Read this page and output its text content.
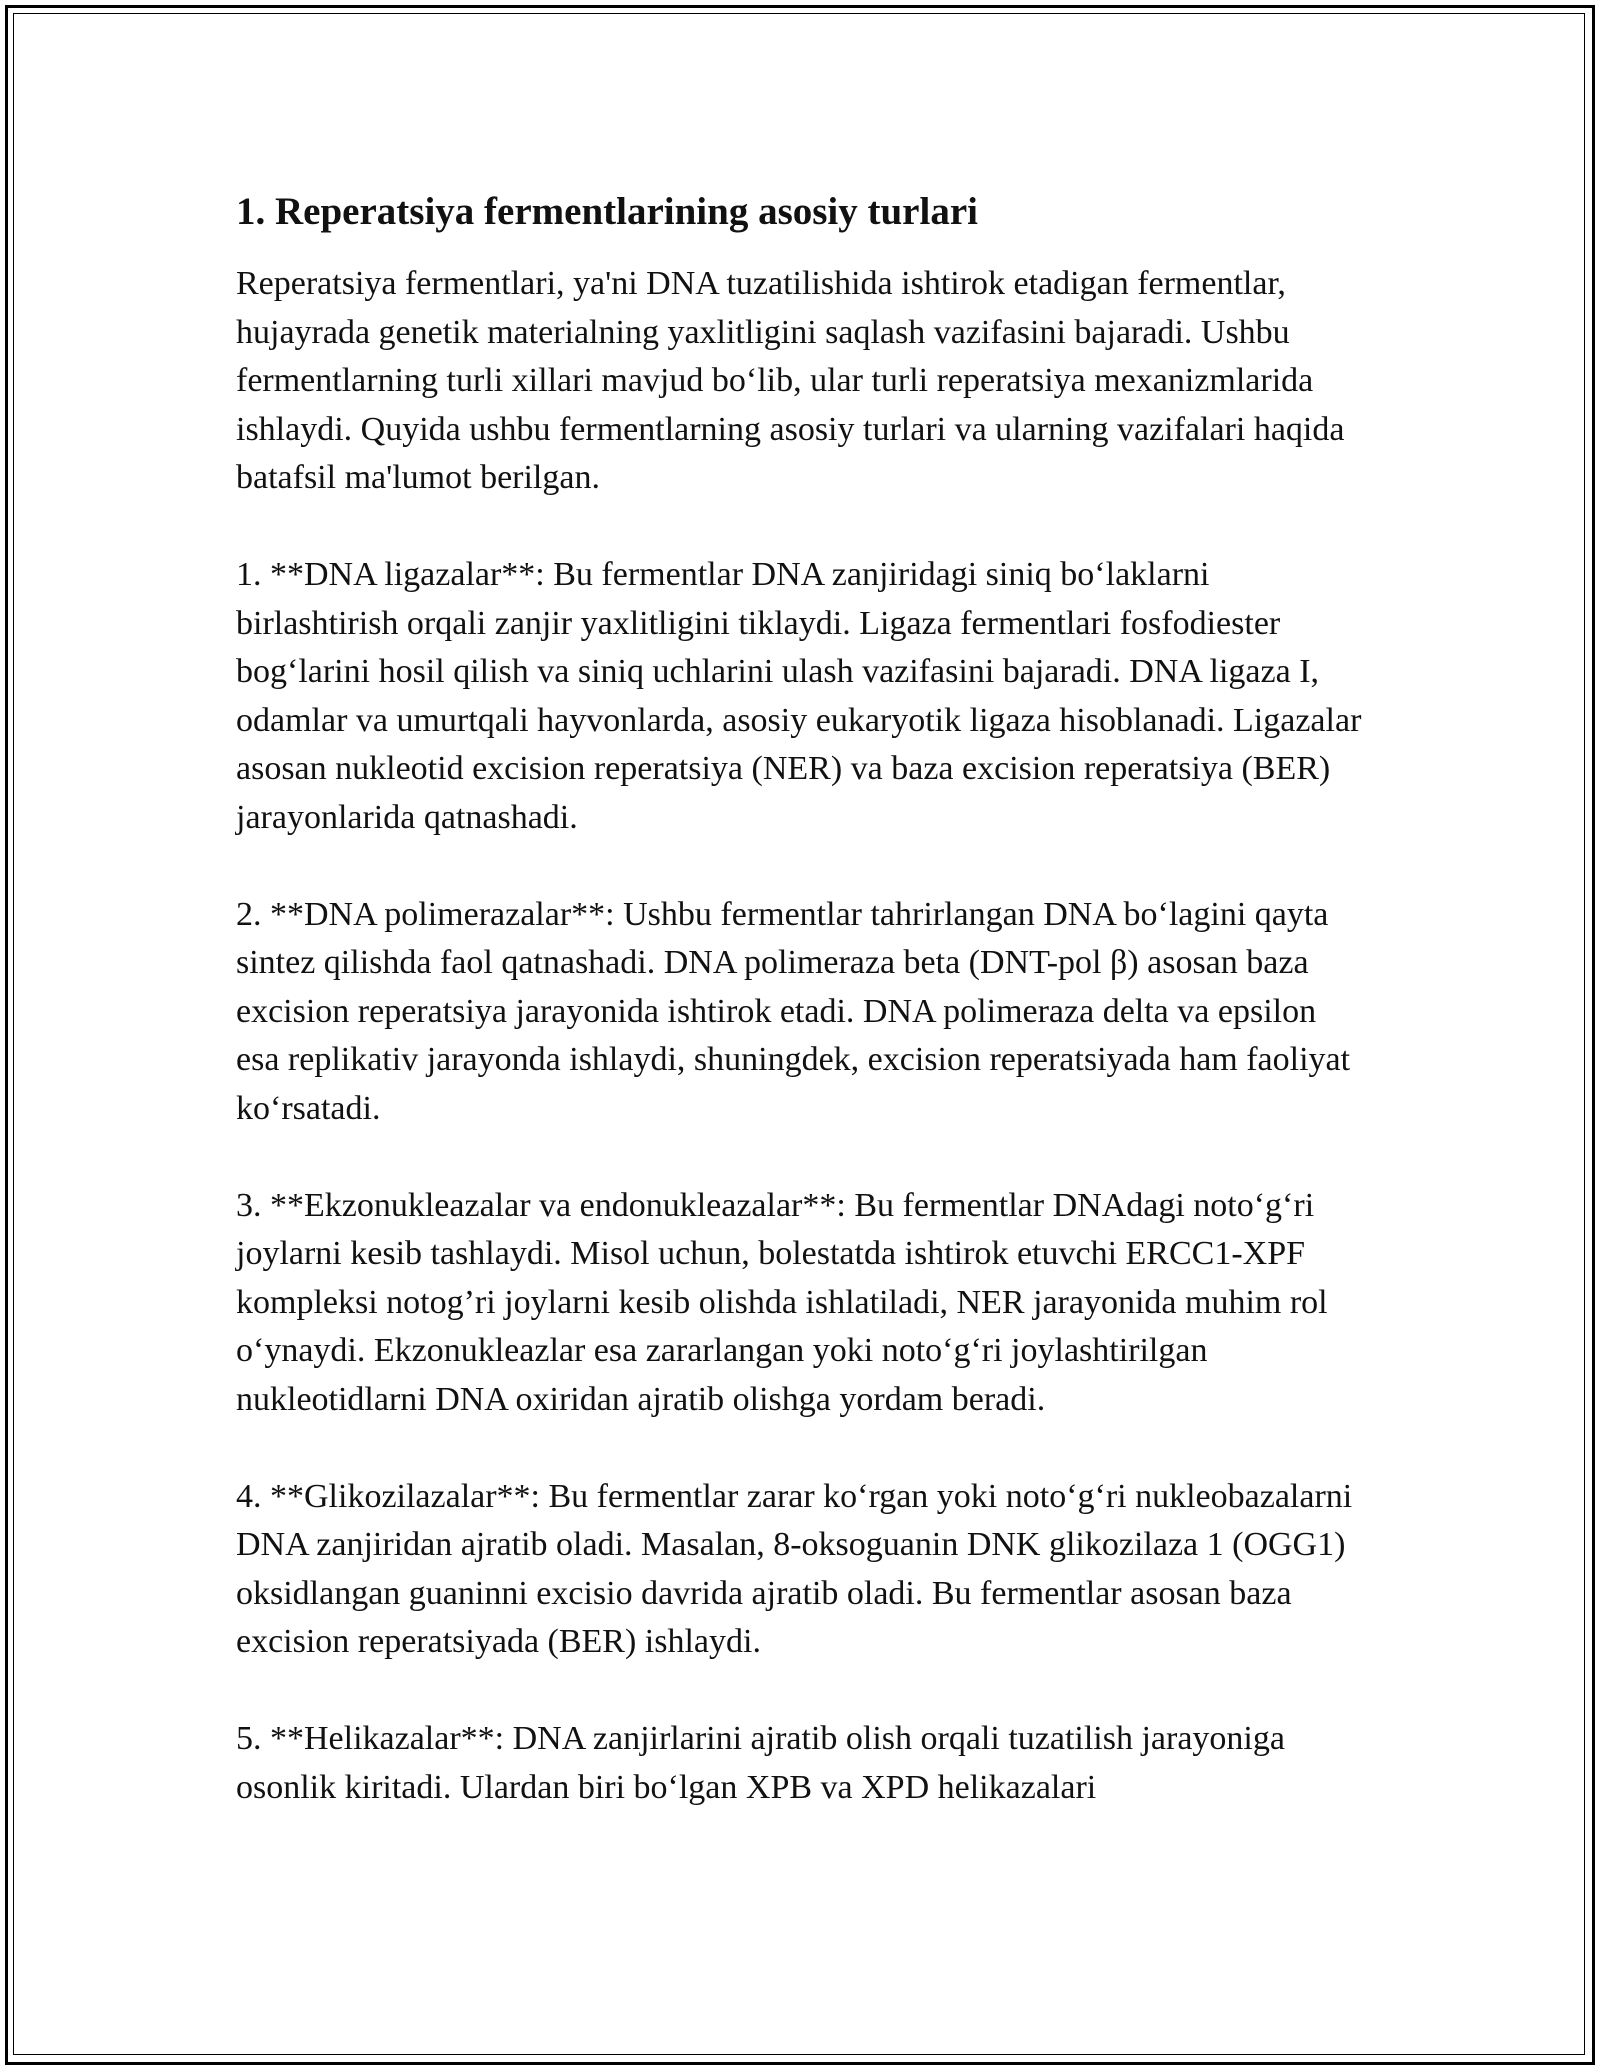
1. Reperatsiya fermentlarining asosiy turlari

Reperatsiya fermentlari, ya'ni DNA tuzatilishida ishtirok etadigan fermentlar, hujayrada genetik materialning yaxlitligini saqlash vazifasini bajaradi. Ushbu fermentlarning turli xillari mavjud bo‘lib, ular turli reperatsiya mexanizmlarida ishlaydi. Quyida ushbu fermentlarning asosiy turlari va ularning vazifalari haqida batafsil ma'lumot berilgan.

1. **DNA ligazalar**: Bu fermentlar DNA zanjiridagi siniq bo‘laklarni birlashtirish orqali zanjir yaxlitligini tiklaydi. Ligaza fermentlari fosfodiester bog‘larini hosil qilish va siniq uchlarini ulash vazifasini bajaradi. DNA ligaza I, odamlar va umurtqali hayvonlarda, asosiy eukaryotik ligaza hisoblanadi. Ligazalar asosan nukleotid excision reperatsiya (NER) va baza excision reperatsiya (BER) jarayonlarida qatnashadi.

2. **DNA polimerazalar**: Ushbu fermentlar tahrirlangan DNA bo‘lagini qayta sintez qilishda faol qatnashadi. DNA polimeraza beta (DNT-pol β) asosan baza excision reperatsiya jarayonida ishtirok etadi. DNA polimeraza delta va epsilon esa replikativ jarayonda ishlaydi, shuningdek, excision reperatsiyada ham faoliyat ko‘rsatadi.

3. **Ekzonukleazalar va endonukleazalar**: Bu fermentlar DNAdagi noto‘g‘ri joylarni kesib tashlaydi. Misol uchun, bolestatda ishtirok etuvchi ERCC1-XPF kompleksi notog’ri joylarni kesib olishda ishlatiladi, NER jarayonida muhim rol o‘ynaydi. Ekzonukleazlar esa zararlangan yoki noto‘g‘ri joylashtirilgan nukleotidlarni DNA oxiridan ajratib olishga yordam beradi.

4. **Glikozilazalar**: Bu fermentlar zarar ko‘rgan yoki noto‘g‘ri nukleobazalarni DNA zanjiridan ajratib oladi. Masalan, 8-oksoguanin DNK glikozilaza 1 (OGG1) oksidlangan guaninni excisio davrida ajratib oladi. Bu fermentlar asosan baza excision reperatsiyada (BER) ishlaydi.

5. **Helikazalar**: DNA zanjirlarini ajratib olish orqali tuzatilish jarayoniga osonlik kiritadi. Ulardan biri bo‘lgan XPB va XPD helikazalari
